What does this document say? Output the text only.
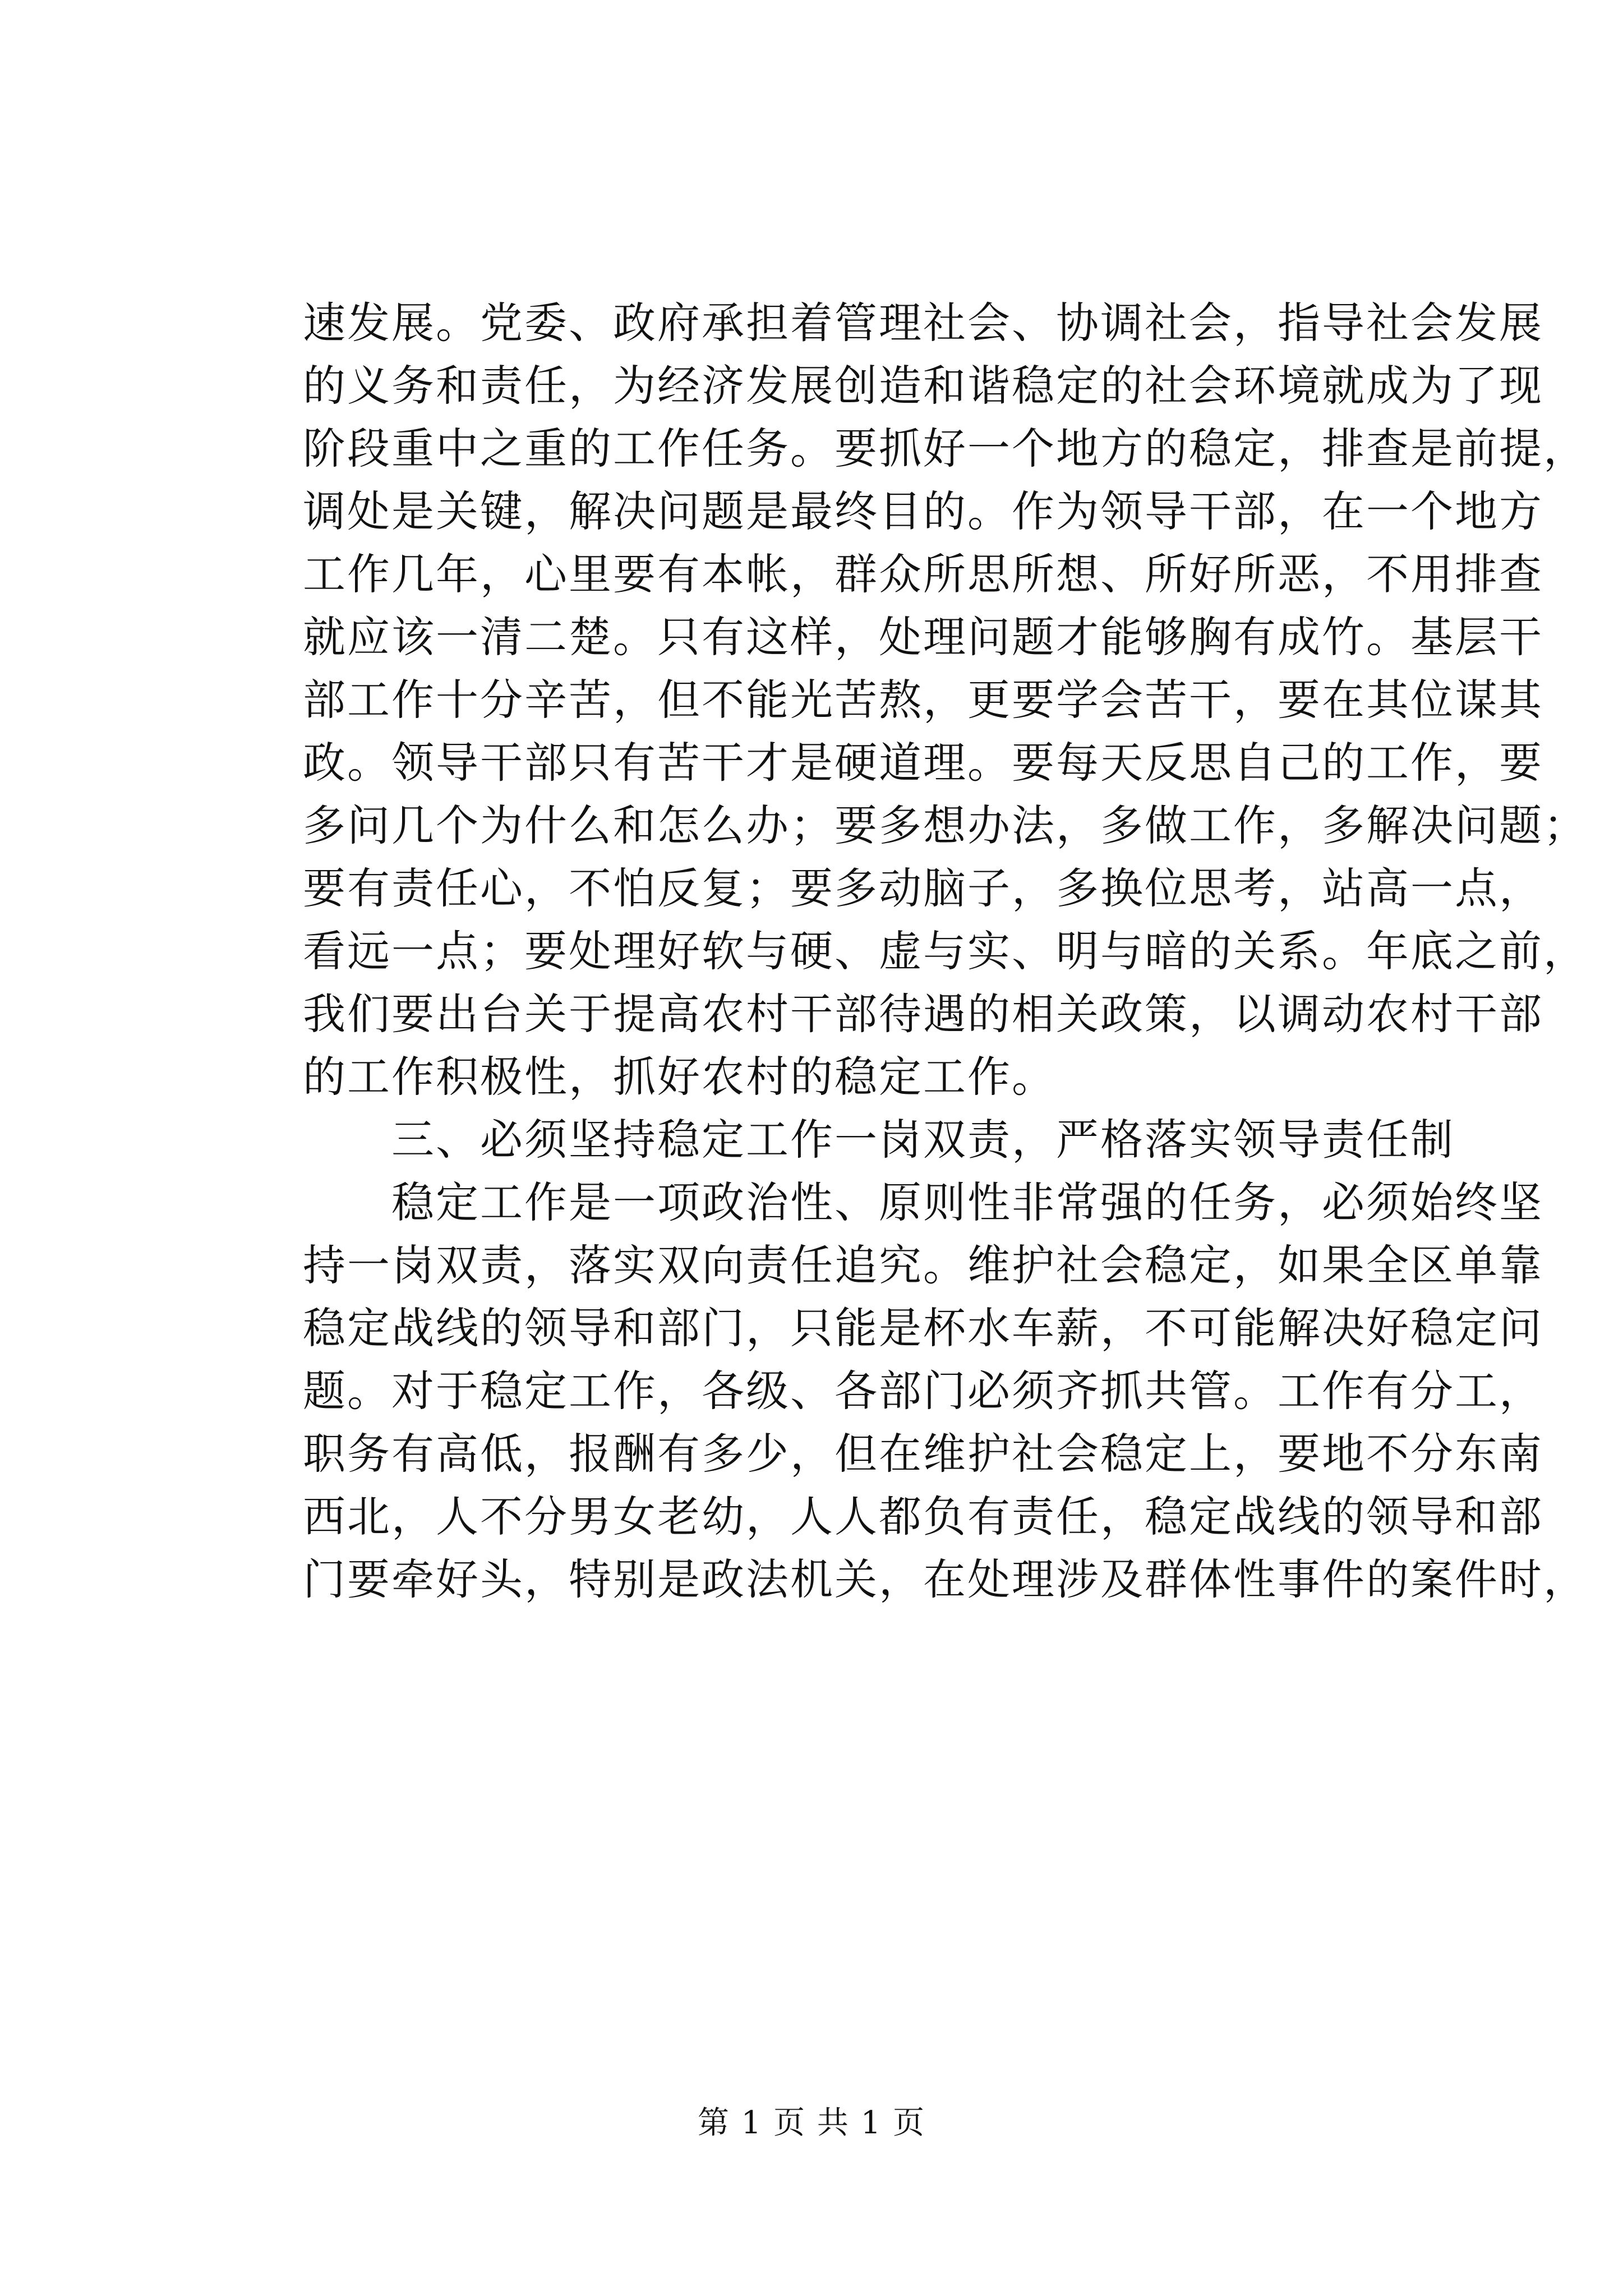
速发展。党委、政府承担着管理社会、协调社会，指导社会发展

的义务和责任，为经济发展创造和谐稳定的社会环境就成为了现

阶段重中之重的工作任务。要抓好一个地方的稳定，排查是前提，

调处是关键，解决问题是最终目的。作为领导干部，在一个地方

工作几年，心里要有本帐，群众所思所想、所好所恶，不用排查

就应该一清二楚。只有这样，处理问题才能够胸有成竹。基层干

部工作十分辛苦，但不能光苦熬，更要学会苦干，要在其位谋其

政。领导干部只有苦干才是硬道理。要每天反思自己的工作，要

多问几个为什么和怎么办；要多想办法，多做工作，多解决问题；

要有责任心，不怕反复；要多动脑子，多换位思考，站高一点，

看远一点；要处理好软与硬、虚与实、明与暗的关系。年底之前，

我们要出台关于提高农村干部待遇的相关政策，以调动农村干部

的工作积极性，抓好农村的稳定工作。

　　三、必须坚持稳定工作一岗双责，严格落实领导责任制

　　稳定工作是一项政治性、原则性非常强的任务，必须始终坚

持一岗双责，落实双向责任追究。维护社会稳定，如果全区单靠

稳定战线的领导和部门，只能是杯水车薪，不可能解决好稳定问

题。对于稳定工作，各级、各部门必须齐抓共管。工作有分工，

职务有高低，报酬有多少，但在维护社会稳定上，要地不分东南

西北，人不分男女老幼，人人都负有责任，稳定战线的领导和部

门要牵好头，特别是政法机关，在处理涉及群体性事件的案件时，

第 1 页 共 1 页
